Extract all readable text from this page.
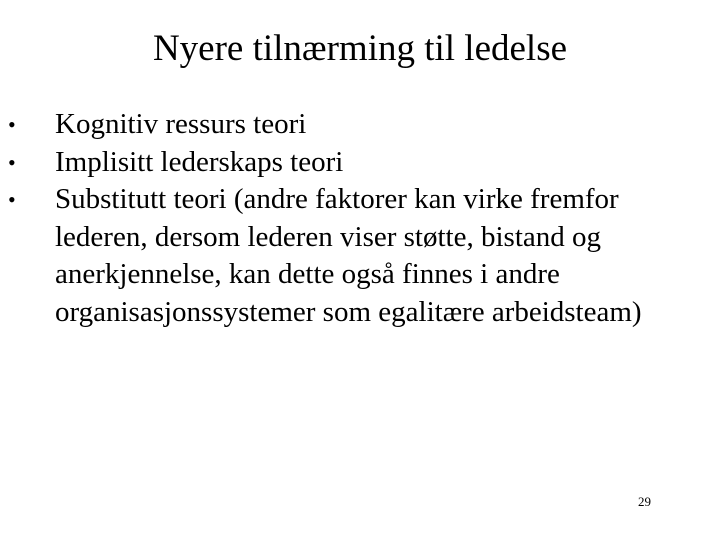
Nyere tilnærming til ledelse
•	Kognitiv ressurs teori
•	Implisitt lederskaps teori
•	Substitutt teori (andre faktorer kan virke fremfor lederen, dersom lederen viser støtte, bistand og anerkjennelse, kan dette også finnes i andre organisasjonssystemer som egalitære arbeidsteam)
29
